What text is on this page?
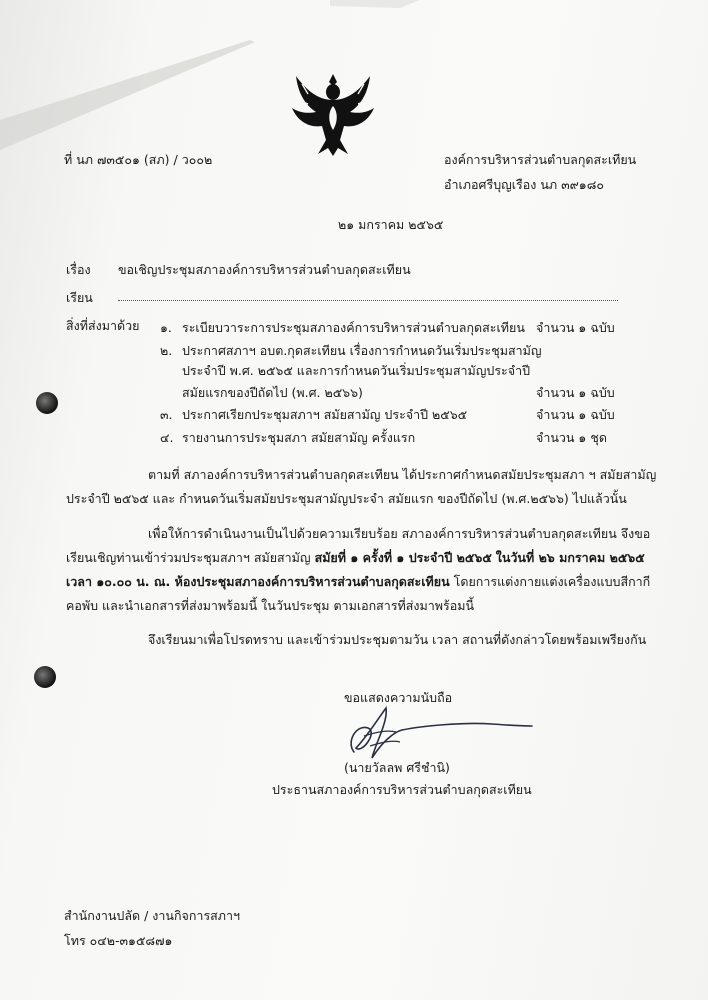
ที่ นภ ๗๓๕๐๑ (สภ) / ว๐๐๒	องค์การบริหารส่วนตำบลกุดสะเทียน
อำเภอศรีบุญเรือง นภ ๓๙๑๘๐
๒๑ มกราคม ๒๕๖๕
เรื่อง ขอเชิญประชุมสภาองค์การบริหารส่วนตำบลกุดสะเทียน
เรียน
สิ่งที่ส่งมาด้วย ๑. ระเบียบวาระการประชุมสภาองค์การบริหารส่วนตำบลกุดสะเทียน จำนวน ๑ ฉบับ
๒. ประกาศสภาฯ อบต.กุดสะเทียน เรื่องการกำหนดวันเริ่มประชุมสามัญ
ประจำปี พ.ศ. ๒๕๖๕ และการกำหนดวันเริ่มประชุมสามัญประจำปี
สมัยแรกของปีถัดไป (พ.ศ. ๒๕๖๖)	จำนวน ๑ ฉบับ
๓. ประกาศเรียกประชุมสภาฯ สมัยสามัญ ประจำปี ๒๕๖๕	จำนวน ๑ ฉบับ
๔. รายงานการประชุมสภา สมัยสามัญ ครั้งแรก	จำนวน ๑ ชุด
ตามที่ สภาองค์การบริหารส่วนตำบลกุดสะเทียน ได้ประกาศกำหนดสมัยประชุมสภา ฯ สมัยสามัญ
ประจำปี ๒๕๖๕ และ กำหนดวันเริ่มสมัยประชุมสามัญประจำ สมัยแรก ของปีถัดไป (พ.ศ.๒๕๖๖) ไปแล้วนั้น
เพื่อให้การดำเนินงานเป็นไปด้วยความเรียบร้อย สภาองค์การบริหารส่วนตำบลกุดสะเทียน จึงขอ
เรียนเชิญท่านเข้าร่วมประชุมสภาฯ สมัยสามัญ สมัยที่ ๑ ครั้งที่ ๑ ประจำปี ๒๕๖๕ ในวันที่ ๒๖ มกราคม ๒๕๖๕
เวลา ๑๐.๐๐ น. ณ. ห้องประชุมสภาองค์การบริหารส่วนตำบลกุดสะเทียน โดยการแต่งกายแต่งเครื่องแบบสีกากี
คอพับ และนำเอกสารที่ส่งมาพร้อมนี้ ในวันประชุม ตามเอกสารที่ส่งมาพร้อมนี้
จึงเรียนมาเพื่อโปรดทราบ และเข้าร่วมประชุมตามวัน เวลา สถานที่ดังกล่าวโดยพร้อมเพรียงกัน
ขอแสดงความนับถือ
(นายวัลลพ ศรีชำนิ)
ประธานสภาองค์การบริหารส่วนตำบลกุดสะเทียน
สำนักงานปลัด / งานกิจการสภาฯ
โทร ๐๔๒-๓๑๕๘๗๑
